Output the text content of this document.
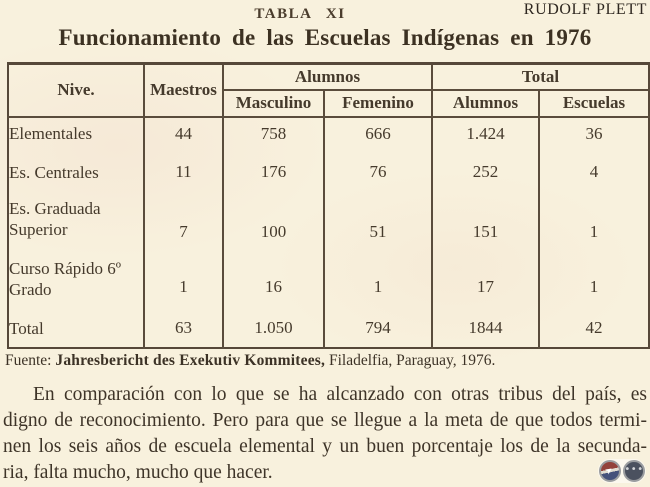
RUDOLF PLETT
TABLA XI
Funcionamiento de las Escuelas Indígenas en 1976
Nive.	Maestros	Alumnos		Total	
		Masculino	Femenino	Alumnos	Escuelas
Elementales	44	758	666	1.424	36
Es. Centrales	11	176	76	252	4
Es. Graduada Superior	7	100	51	151	1
Curso Rápido 6º Grado	1	16	1	17	1
Total	63	1.050	794	1844	42
Fuente: Jahresbericht des Exekutiv Kommitees, Filadelfia, Paraguay, 1976.
En comparación con lo que se ha alcanzado con otras tribus del país, es
digno de reconocimiento. Pero para que se llegue a la meta de que todos termi-
nen los seis años de escuela elemental y un buen porcentaje los de la secunda-
ria, falta mucho, mucho que hacer.	➤ •••
